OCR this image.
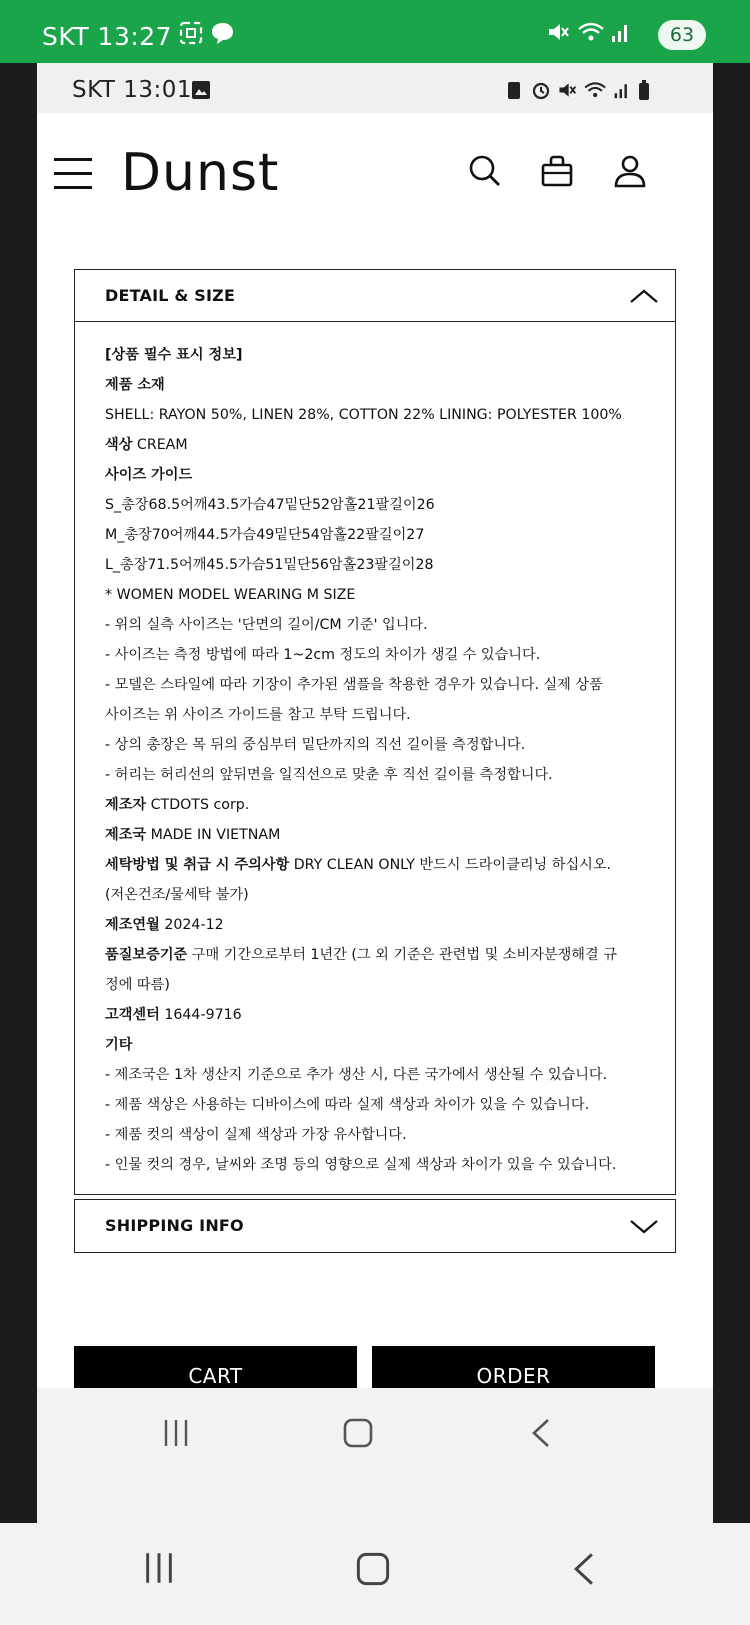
SKT 13:27	63
SKT 13:01
Dunst
DETAIL & SIZE
[상품 필수 표시 정보]
제품 소재
SHELL: RAYON 50%, LINEN 28%, COTTON 22% LINING: POLYESTER 100%
색상 CREAM
사이즈 가이드
S_총장68.5어깨43.5가슴47밑단52암홀21팔길이26
M_총장70어깨44.5가슴49밑단54암홀22팔길이27
L_총장71.5어깨45.5가슴51밑단56암홀23팔길이28
* WOMEN MODEL WEARING M SIZE
- 위의 실측 사이즈는 '단면의 길이/CM 기준' 입니다.
- 사이즈는 측정 방법에 따라 1~2cm 정도의 차이가 생길 수 있습니다.
- 모델은 스타일에 따라 기장이 추가된 샘플을 착용한 경우가 있습니다. 실제 상품
사이즈는 위 사이즈 가이드를 참고 부탁 드립니다.
- 상의 총장은 목 뒤의 중심부터 밑단까지의 직선 길이를 측정합니다.
- 허리는 허리선의 앞뒤면을 일직선으로 맞춘 후 직선 길이를 측정합니다.
제조자 CTDOTS corp.
제조국 MADE IN VIETNAM
세탁방법 및 취급 시 주의사항 DRY CLEAN ONLY 반드시 드라이클리닝 하십시오.
(저온건조/물세탁 불가)
제조연월 2024-12
품질보증기준 구매 기간으로부터 1년간 (그 외 기준은 관련법 및 소비자분쟁해결 규
정에 따름)
고객센터 1644-9716
기타
- 제조국은 1차 생산지 기준으로 추가 생산 시, 다른 국가에서 생산될 수 있습니다.
- 제품 색상은 사용하는 디바이스에 따라 실제 색상과 차이가 있을 수 있습니다.
- 제품 컷의 색상이 실제 색상과 가장 유사합니다.
- 인물 컷의 경우, 날씨와 조명 등의 영향으로 실제 색상과 차이가 있을 수 있습니다.
SHIPPING INFO
CART	ORDER
